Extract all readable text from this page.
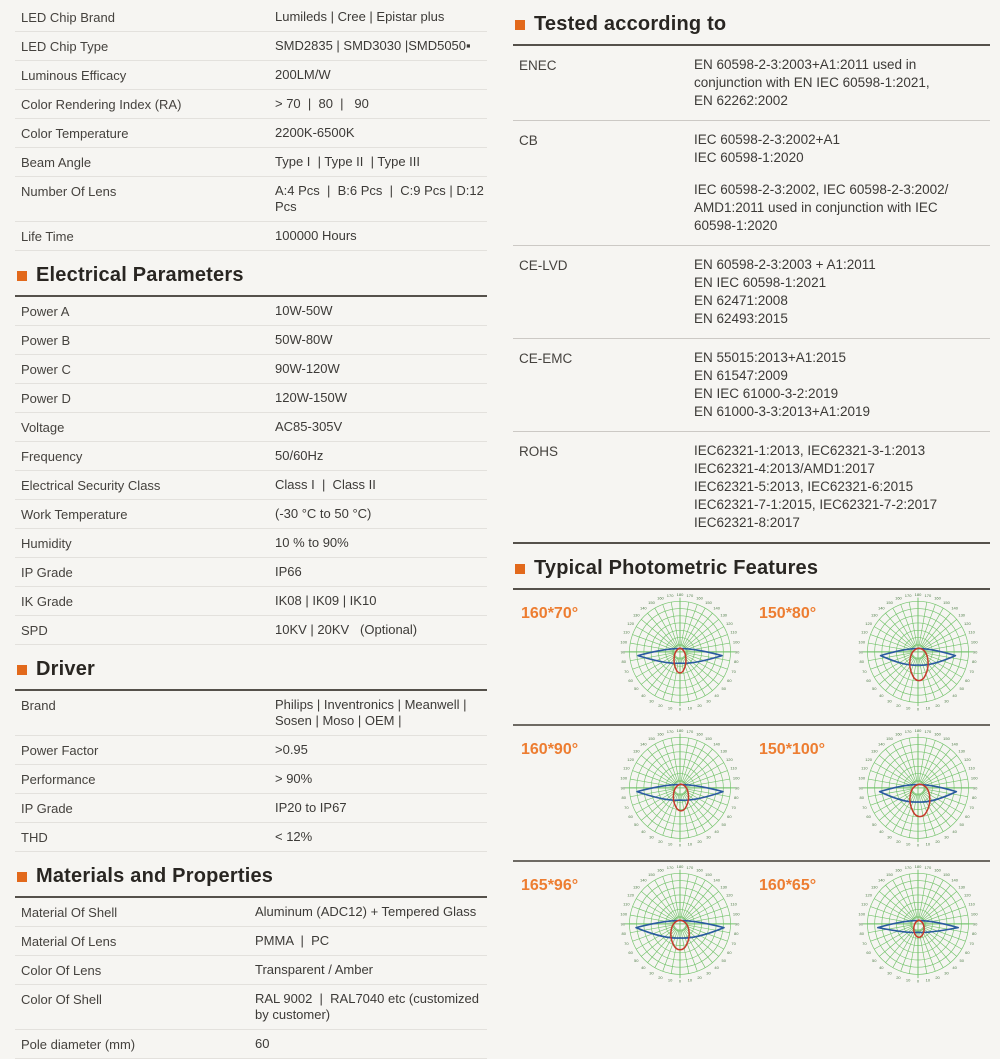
LED Chip Brand	Lumileds | Cree | Epistar plus
LED Chip Type	SMD2835 | SMD3030 |SMD5050▪
Luminous Efficacy	200LM/W
Color Rendering Index (RA)	> 70  |  80  |   90
Color Temperature	2200K-6500K
Beam Angle	Type I  | Type II  | Type III
Number Of Lens	A:4 Pcs  |  B:6 Pcs  |  C:9 Pcs | D:12 Pcs
Life Time	100000 Hours
Electrical Parameters
Power A	10W-50W
Power B	50W-80W
Power C	90W-120W
Power D	120W-150W
Voltage	AC85-305V
Frequency	50/60Hz
Electrical Security Class	Class I  |  Class II
Work Temperature	(-30 °C to 50 °C)
Humidity	10 % to 90%
IP Grade	IP66
IK Grade	IK08 | IK09 | IK10
SPD	10KV | 20KV   (Optional)
Driver
Brand	Philips | Inventronics | Meanwell | Sosen | Moso | OEM |
Power Factor	>0.95
Performance	> 90%
IP Grade	IP20 to IP67
THD	< 12%
Materials and Properties
Material Of Shell	Aluminum (ADC12) + Tempered Glass
Material Of Lens	PMMA  |  PC
Color Of Lens	Transparent / Amber
Color Of Shell	RAL 9002  |  RAL7040 etc (customized by customer)
Pole diameter (mm)	60
Tested according to
ENEC	EN 60598-2-3:2003+A1:2011 used in
conjunction with EN IEC 60598-1:2021,
EN 62262:2002
CB	IEC 60598-2-3:2002+A1
IEC 60598-1:2020
IEC 60598-2-3:2002, IEC 60598-2-3:2002/
AMD1:2011 used in conjunction with IEC
60598-1:2020
CE-LVD	EN 60598-2-3:2003 + A1:2011
EN IEC 60598-1:2021
EN 62471:2008
EN 62493:2015
CE-EMC	EN 55015:2013+A1:2015
EN 61547:2009
EN IEC 61000-3-2:2019
EN 61000-3-3:2013+A1:2019
ROHS	IEC62321-1:2013, IEC62321-3-1:2013
IEC62321-4:2013/AMD1:2017
IEC62321-5:2013, IEC62321-6:2015
IEC62321-7-1:2015, IEC62321-7-2:2017
IEC62321-8:2017
Typical Photometric Features
160*70°
0 10
20
30
40
50
60
70
80
90
100
110
120
130
140
150
160
170
180
170
160
150
140
130
120
110
100
90
80
70
60
50
40
30
20
10
150*80°
0 10
20
30
40
50
60
70
80
90
100
110
120
130
140
150
160
170
180
170
160
150
140
130
120
110
100
90
80
70
60
50
40
30
20
10
160*90°
0 10
20
30
40
50
60
70
80
90
100
110
120
130
140
150
160
170
180
170
160
150
140
130
120
110
100
90
80
70
60
50
40
30
20
10
150*100°
0 10
20
30
40
50
60
70
80
90
100
110
120
130
140
150
160
170
180
170
160
150
140
130
120
110
100
90
80
70
60
50
40
30
20
10
165*96°
0 10
20
30
40
50
60
70
80
90
100
110
120
130
140
150
160
170
180
170
160
150
140
130
120
110
100
90
80
70
60
50
40
30
20
10
160*65°
0 10
20
30
40
50
60
70
80
90
100
110
120
130
140
150
160
170
180
170
160
150
140
130
120
110
100
90
80
70
60
50
40
30
20
10
